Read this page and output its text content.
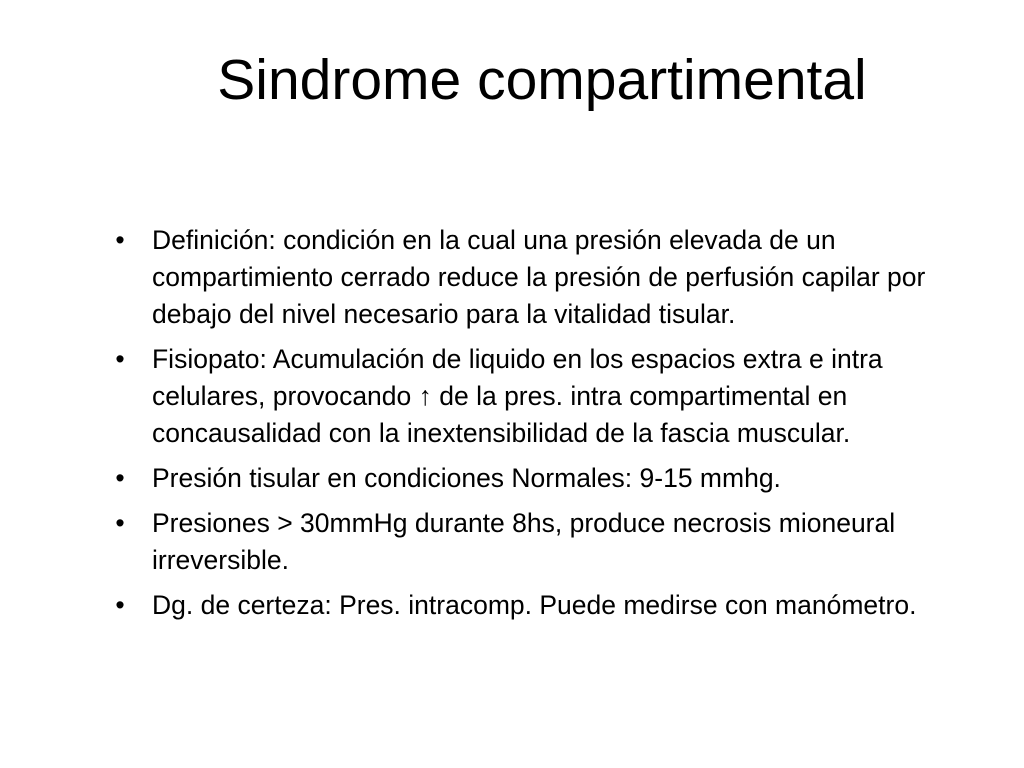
Sindrome compartimental
• Definición: condición en la cual una presión elevada de un compartimiento cerrado reduce la presión de perfusión capilar por debajo del nivel necesario para la vitalidad tisular.
• Fisiopato: Acumulación de liquido en los espacios extra e intra celulares, provocando ↑ de la pres. intra compartimental en concausalidad con la inextensibilidad de la fascia muscular.
• Presión tisular en condiciones Normales: 9-15 mmhg.
• Presiones > 30mmHg durante 8hs, produce necrosis mioneural irreversible.
• Dg. de certeza: Pres. intracomp. Puede medirse con manómetro.
